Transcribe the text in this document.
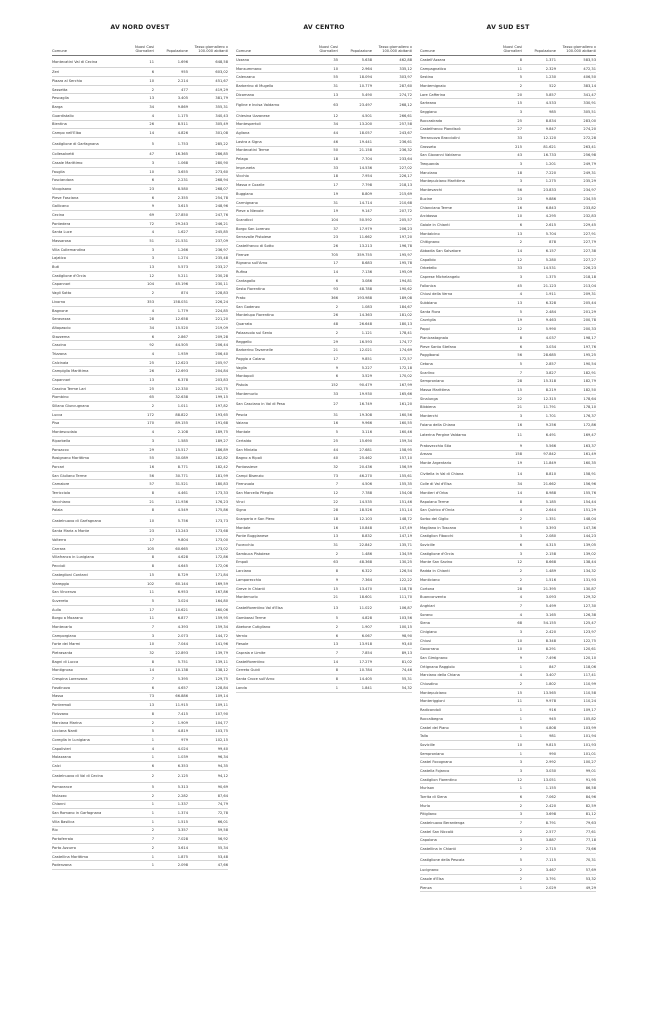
AV NORD OVEST
Comune
Nuovi Casi Giornalieri	Popolazione
Tasso giornaliero x 100.000 abitanti
Montecatini Val di Cecina	11	1.696	648,58
Zeri	6	955	603,02
Piazza al Serchio	10	2.214	451,67
Sassetta	2	477	419,29
Pescaglia	13	3.405	381,79
Barga	34	9.869	355,31
Guardistallo	4	1.175	340,43
Bientina	26	8.511	305,49
Campo nell'Elba	14	4.826	301,08
Castiglione di Garfagnana	5	1.753	285,22
Collesalvetti	47	16.365	286,85
Casale Marittimo	3	1.068	280,90
Fauglia	10	3.655	273,60
Fosciandora	6	2.231	268,94
Vicopisano	23	8.580	268,07
Pieve Fosciana	6	2.355	254,78
Gallicano	9	3.615	248,96
Cecina	69	27.850	247,76
Pontedera	72	29.243	246,21
Santa Luce	4	1.627	245,85
Massarosa	51	21.531	237,09
Villa Collemandina	3	1.266	236,97
Lajatico	3	1.274	235,48
Buti	13	5.573	233,27
Castiglione d'Orcia	12	5.211	230,28
Capannori	104	45.196	230,11
Vagli Sotto	2	874	228,83
Livorno	353	158.031	226,24
Bagnone	4	1.779	224,85
Seravezza	28	12.658	221,20
Altopascio	34	15.520	219,09
Stazzema	6	2.867	209,28
Cascina	92	44.505	206,44
Trizzana	4	1.939	206,40
Calcinaia	25	12.623	205,97
Campiglia Marittima	26	12.693	204,84
Capannori	13	6.378	203,83
Cascina Terme Lari	25	12.330	202,75
Piombino	65	32.638	199,15
Sillano Giuncugnano	2	1.011	197,82
Lucca	172	88.822	193,65
Pisa	170	89.155	191,68
Montescudaio	4	2.108	189,75
Riparbella	3	1.585	189,27
Ponsacco	29	15.517	186,89
Rosignano Marittimo	55	30.089	182,82
Porcari	16	8.771	182,42
San Giuliano Terme	56	30.771	181,99
Camaiore	57	31.521	180,83
Terricciola	8	4.461	173,33
Vecchiano	21	11.936	176,23
Palaia	8	4.549	175,86
Castelnuovo di Garfagnana	10	5.756	173,73
Santa Maria a Monte	23	13.243	173,68
Volterra	17	9.804	173,00
Carrara	105	60.665	173,02
Villafranca in Lunigiana	8	4.628	172,86
Peccioli	8	4.645	172,06
Casteglioni Contarci	15	8.729	171,84
Viareggio	102	60.144	169,59
San Vincenzo	11	6.953	167,86
Suvereto	5	3.024	164,80
Aulla	17	10.621	160,06
Borgo a Mozzano	11	6.877	159,95
Montecarlo	7	4.393	159,34
Camporgiano	3	2.073	144,72
Forte dei Marmi	10	7.044	141,96
Pietrasanta	32	22.893	139,79
Bagni di Lucca	8	5.751	139,11
Montignoso	14	10.138	138,12
Crespina Lorenzana	7	5.395	129,75
Fosdinovo	6	4.657	128,84
Massa	73	66.886	109,14
Pontremoli	13	11.915	109,11
Fivizzano	8	7.415	107,90
Marciana Marina	2	1.909	104,77
Licciana Nardi	5	4.819	103,75
Coreglia in Lunigiana	1	979	102,15
Capolivieri	4	4.024	99,40
Molazzana	1	1.039	96,34
Calci	6	6.353	94,35
Castelnuovo di Val di Cecina	2	2.125	94,12
Pomarance	5	5.313	90,69
Mulazzo	2	2.282	87,64
Chianni	1	1.337	74,79
San Romano in Garfagnana	1	1.374	72,78
Villa Basilica	1	1.515	66,01
Rio	2	3.357	59,58
Portoferraio	7	7.028	56,92
Porto Azzurro	2	3.614	55,34
Castellina Marittima	1	1.875	53,48
Podenzana	1	2.098	47,66
AV CENTRO
Comune
Nuovi Casi Giornalieri	Popolazione
Tasso giornaliero x 100.000 abitanti
Uzzano	35	5.638	462,88
Monsummano	10	2.964	335,12
Calenzano	55	18.094	303,97
Barberino di Mugello	31	10.779	287,60
Dicomano	13	5.490	274,72
Figline e Incisa Valdarno	63	23.497	268,12
Chiesina Uzzanese	12	4.501	266,61
Montespertoli	34	13.200	257,58
Agliana	44	18.057	243,67
Lastra a Signa	46	19.441	236,61
Montecatini Terme	50	21.158	236,32
Pelago	18	7.704	233,64
Impruneta	33	14.536	227,02
Vicchio	18	7.954	226,17
Massa e Cozzile	17	7.798	218,13
Buggiano	19	8.809	215,69
Carmignano	31	14.714	210,68
Pieve a Nievole	19	9.147	207,72
Scandicci	104	50.592	205,57
Borgo San Lorenzo	37	17.979	206,23
Serravalle Pistoiese	23	11.662	197,20
Castelfranco di Sotto	26	13.213	196,78
Firenze	705	359.755	195,97
Rignano sull'Arno	17	8.683	195,78
Rufina	14	7.136	195,09
Cantagallo	6	3.086	194,81
Sesto Fiorentino	93	48.788	190,62
Prato	366	193.988	189,08
San Godenzo	2	1.083	184,67
Montelupo Fiorentino	26	14.363	181,02
Quarrata	48	26.648	180,13
Palazzuolo sul Senio	2	1.121	178,41
Reggello	29	16.593	174,77
Barberino Tavarnelle	21	12.021	174,69
Poggio a Caiano	17	9.851	172,57
Vaglia	9	5.227	172,18
Montopoli	6	3.529	170,02
Pistoia	152	90.479	167,99
Montemurlo	33	19.930	165,66
San Casciano in Val di Pesa	27	16.749	161,20
Pescia	31	19.308	160,56
Vaiano	16	9.966	160,55
Montale	5	3.116	160,46
Certaldo	25	15.690	159,34
San Miniato	44	27.681	158,95
Bagno a Ripoli	40	25.462	157,10
Pontassieve	32	20.436	156,59
Campi Bisenzio	73	46.270	155,61
Firenzuola	7	4.506	155,35
San Marcello Piteglio	12	7.788	154,08
Vinci	22	14.535	151,46
Signa	28	18.526	151,14
Scarperia e San Piero	18	12.103	148,72
Montale	16	10.848	147,49
Ponte Buggianese	13	8.832	147,19
Fucecchio	31	22.842	135,71
Sambuca Pistoiese	2	1.486	134,59
Empoli	63	48.368	130,25
Larciano	8	6.322	126,54
Lamporecchio	9	7.364	122,22
Greve in Chianti	15	13.470	118,78
Montemurlo	21	18.601	111,70
Castelfiorentino Val d'Elsa	13	11.022	106,87
Gambassi Terme	5	4.828	103,56
Abetone Cutigliano	2	1.907	100,15
Vernio	6	6.067	98,90
Fiesole	13	13.918	93,40
Capraia e Limite	7	7.854	89,13
Castelfiorentino	14	17.279	81,02
Cerreto Guidi	8	10.784	74,46
Santa Croce sull'Arno	8	14.405	55,31
Londa	1	1.841	54,32
AV SUD EST
Comune
Nuovi Casi Giornalieri	Popolazione
Tasso giornaliero x 100.000 abitanti
Castell'Azzara	8	1.371	583,53
Campagnatico	11	2.329	472,31
Sestino	5	1.230	406,50
Montemignaio	2	522	383,14
Lore Cafferina	20	5.857	341,47
Sarteano	15	4.533	330,91
Seggiano	3	985	305,51
Roccastrada	25	8.834	283,00
Castelfranco Piandiscò	27	9.847	274,20
Terranuova Bracciolini	33	12.120	272,28
Grosseto	215	81.621	263,41
San Giovanni Valdarno	43	16.733	256,98
Trequanda	3	1.201	249,79
Manciano	18	7.220	249,31
Montepulciano Marittima	3	1.275	235,29
Montevarchi	56	23.833	234,97
Bucine	23	9.886	234,55
Chianciano Terme	16	6.843	233,82
Arcidosso	10	4.295	232,83
Gaiole in Chianti	6	2.615	229,45
Montalcino	13	5.704	227,91
Chitignano	2	878	227,79
Abbadia San Salvatore	14	6.157	227,38
Capalbio	12	5.280	227,27
Orbetello	33	14.531	226,23
Caprese Michelangelo	3	1.375	218,18
Follonica	45	21.123	213,04
Chiusi della Verna	4	1.911	209,31
Subbiano	13	6.328	205,44
Santa Fiora	5	2.484	201,29
Cavriglia	19	9.463	200,78
Poppi	12	5.990	200,33
Pianicastagnaio	8	4.037	198,17
Pieve Santo Stefano	6	3.034	197,76
Poggibonsi	56	28.685	195,25
Cetona	5	2.857	190,54
Scarlino	7	3.827	182,91
Semproniano	28	15.318	182,79
Massa Marittima	15	8.219	182,50
Sinalunga	22	12.315	178,64
Bibbiena	21	11.791	178,10
Monterchi	3	1.701	176,37
Foiano della Chiana	16	9.256	172,86
Laterina Pergine Valdarno	11	6.491	169,47
Pratovecchio Stia	9	5.566	163,37
Arezzo	158	97.842	161,49
Monte Argentario	19	11.849	160,35
Civitella in Val di Chiana	14	8.810	158,91
Colle di Val d'Elsa	34	21.662	156,96
Montieri d'Orba	14	8.988	155,76
Rapolano Terme	8	5.185	154,44
San Quirico d'Orcia	4	2.644	151,29
Sorbo del Giglio	2	1.351	148,04
Magliano in Toscana	5	3.393	147,36
Castiglion Fibocchi	3	2.080	144,23
Sovicille	6	4.315	139,05
Castiglione d'Orcia	3	2.158	139,02
Monte San Savino	12	8.668	138,44
Radda in Chianti	2	1.489	134,32
Monticiano	2	1.516	131,93
Cortona	28	21.395	130,87
Buonconvento	4	3.093	129,32
Anghiari	7	5.499	127,30
Sorano	4	3.165	126,38
Siena	68	54.155	125,47
Cinigiano	3	2.420	123,97
Chiusi	10	8.348	122,75
Gavorrano	10	8.291	120,61
San Gimignano	9	7.496	120,10
Ortignano Raggiolo	1	847	118,06
Marciano della Chiana	4	3.407	117,41
Chiusdino	2	1.802	110,99
Montepulciano	15	13.565	110,58
Monteriggioni	11	9.978	110,24
Radicondoli	1	916	109,17
Roccalbegna	1	945	105,82
Castel del Piano	5	4.808	103,99
Talla	1	981	101,94
Sovicille	10	9.815	101,93
Semproniano	1	990	101,01
Castel Focognano	3	2.992	100,27
Castella Fojanco	3	3.030	99,01
Castiglion Fiorentino	12	13.051	91,95
Murlson	1	1.155	86,58
Torrita di Siena	6	7.062	84,96
Murlo	2	2.420	82,59
Pitigliano	3	3.698	81,12
Castelnuovo Berardenga	7	8.791	79,63
Castel San Niccolò	2	2.577	77,61
Capolona	3	3.887	77,18
Castellina in Chianti	2	2.715	73,66
Castiglione della Pescaia	5	7.115	70,31
Lucignano	2	3.467	57,69
Casole d'Elsa	2	3.791	53,32
Pienza	1	2.029	49,29
